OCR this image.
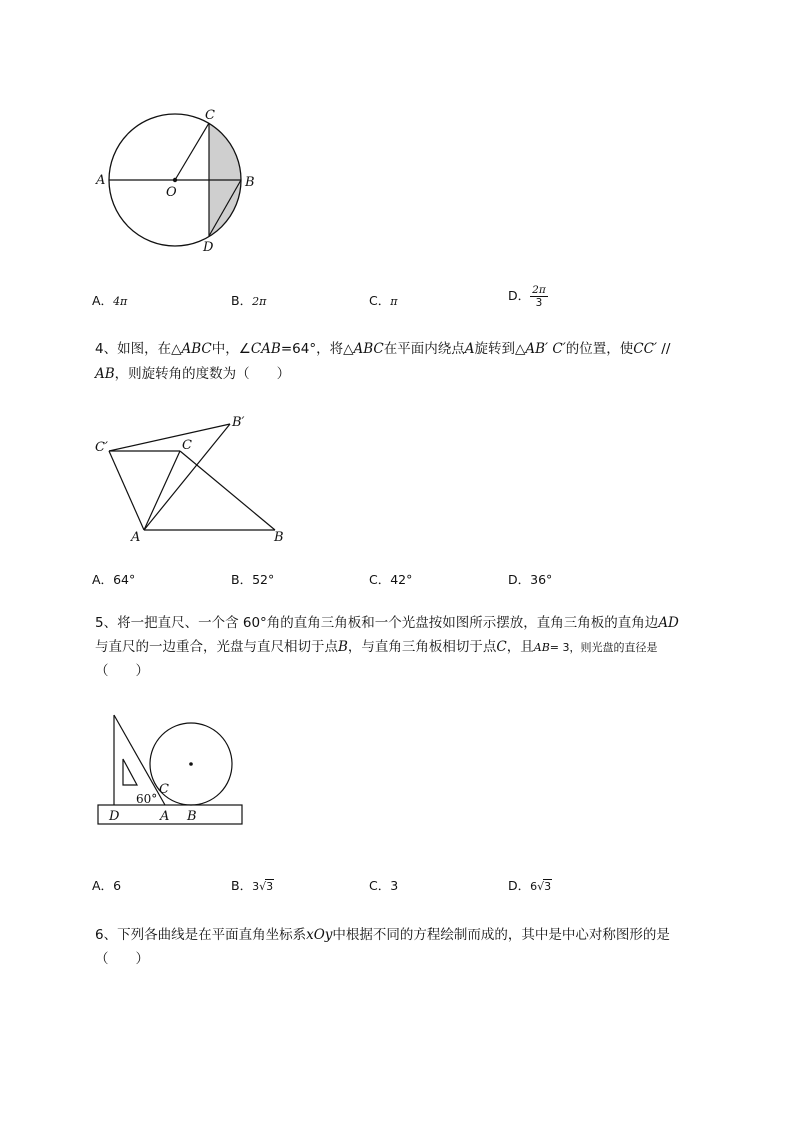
A
O
C
B
D
A．4π	B．2π	C．π	D． $\frac{2\pi}{3}$
4、如图，在△ABC中，∠CAB=64°，将△ABC在平面内绕点A旋转到△AB′ C′的位置，使CC′ //
AB，则旋转角的度数为（　　）
B′
C′	C
A	B
A．64°	B．52°	C．42°	D．36°
5、将一把直尺、一个含 60°角的直角三角板和一个光盘按如图所示摆放，直角三角板的直角边AD
与直尺的一边重合，光盘与直尺相切于点B，与直角三角板相切于点C，且AB= 3，则光盘的直径是
（　　）
60°
C
D	A B
A．6	B．3√3	C．3	D．6√3
6、下列各曲线是在平面直角坐标系xOy中根据不同的方程绘制而成的，其中是中心对称图形的是
（　　）
